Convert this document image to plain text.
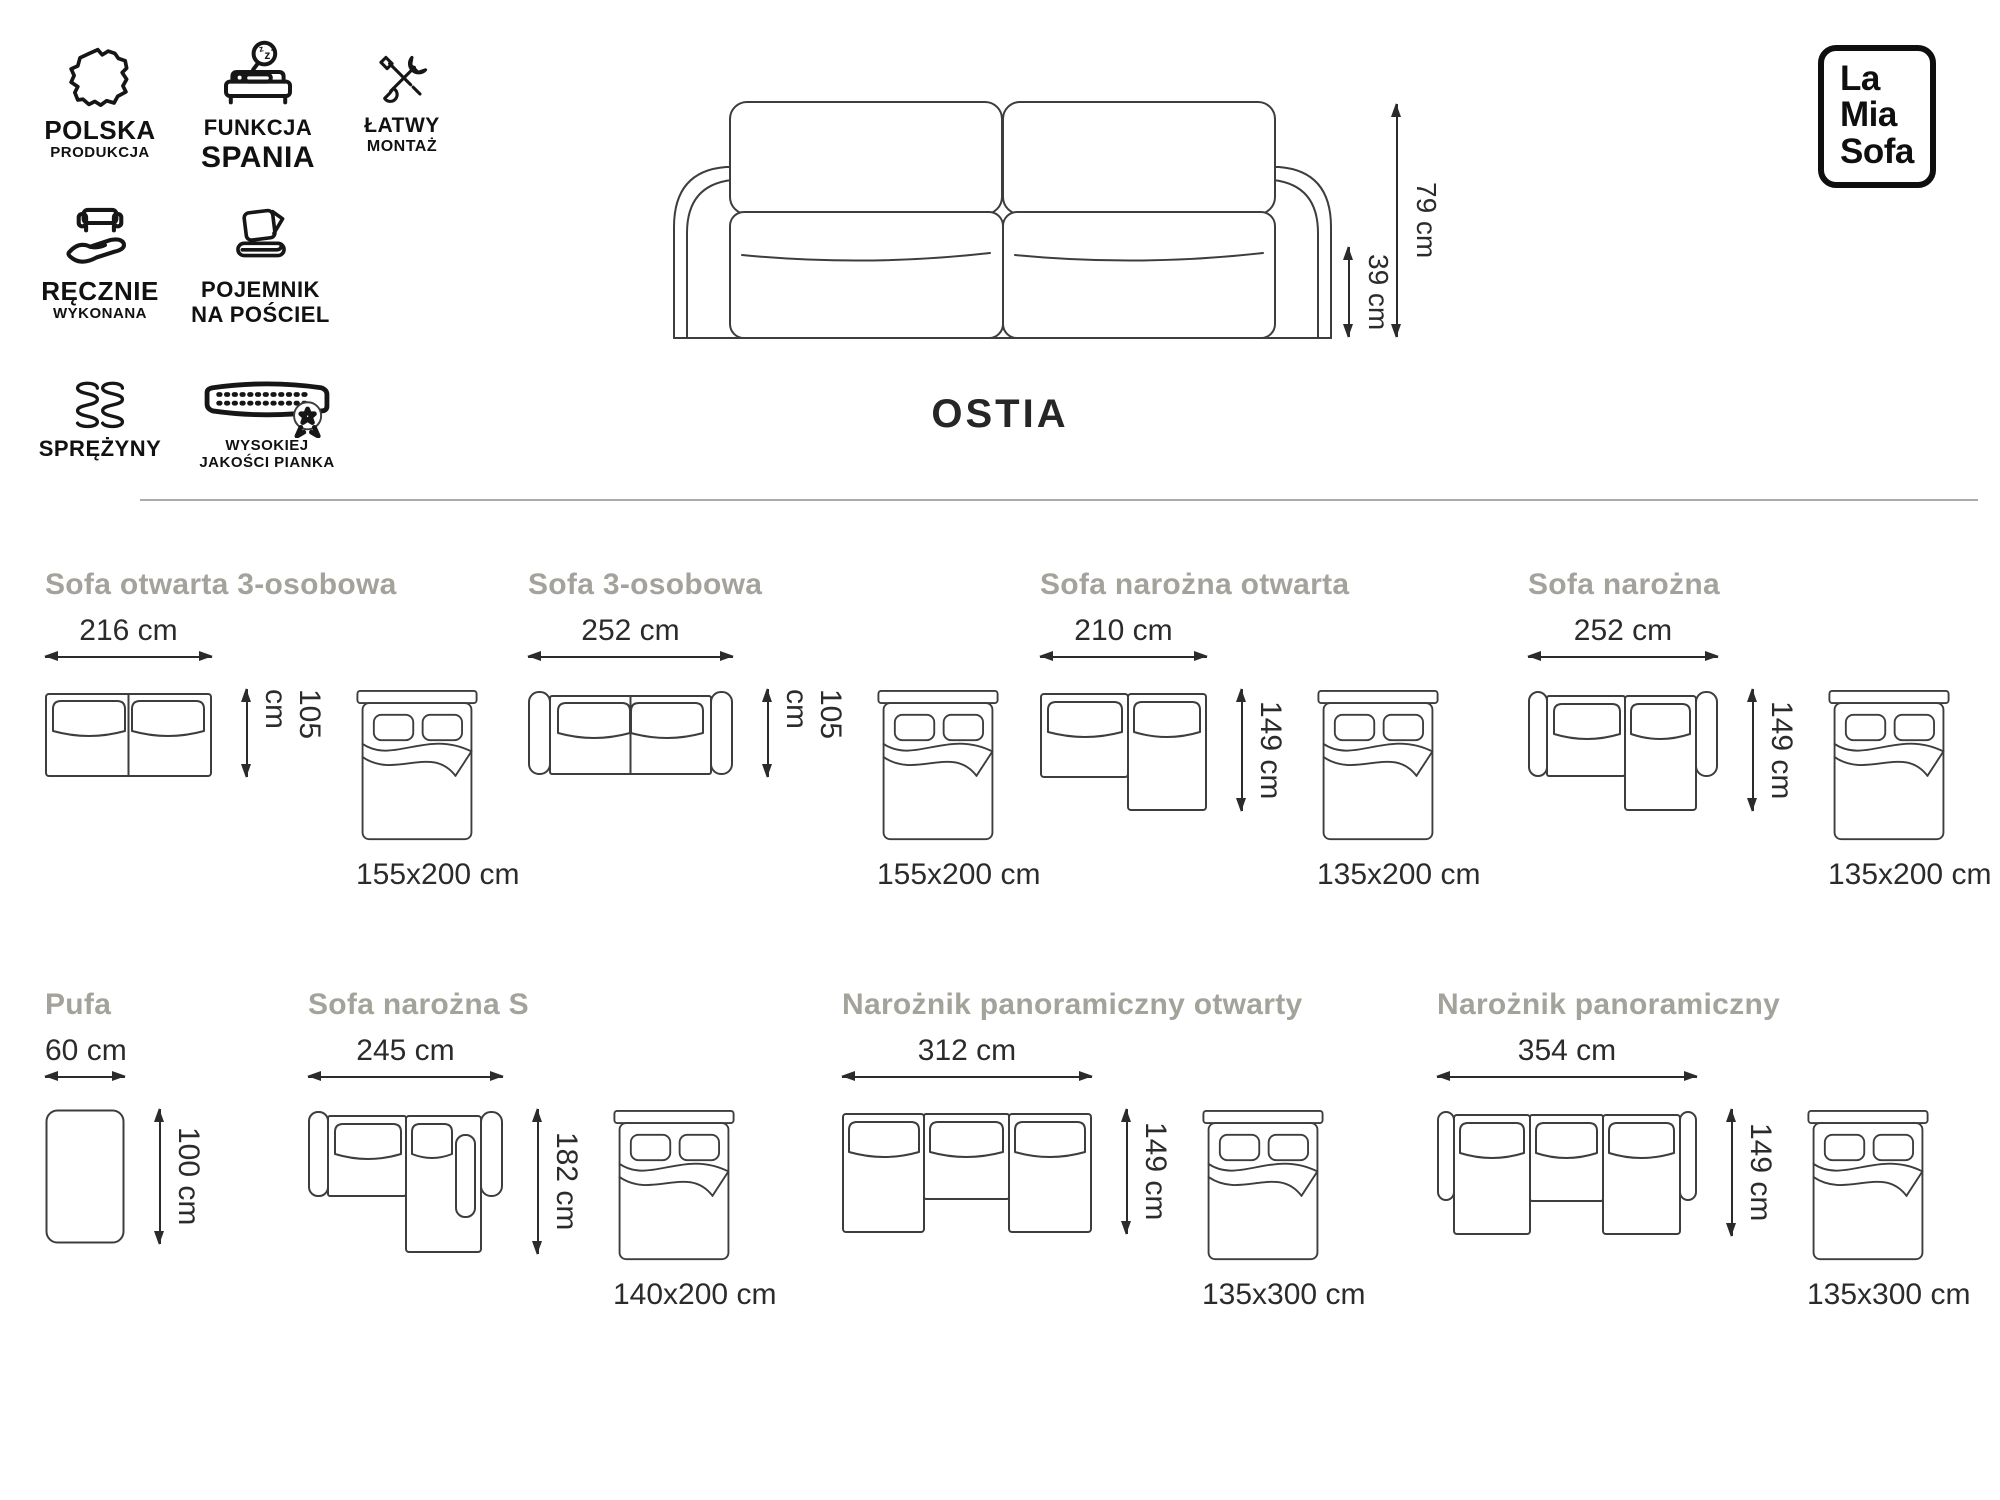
POLSKA
PRODUKCJA
z z z
FUNKCJA
SPANIA
ŁATWY
MONTAŻ
RĘCZNIE
WYKONANA
POJEMNIK
NA POŚCIEL
SPRĘŻYNY	WYSOKIEJ
JAKOŚCI PIANKA
39 cm
79 cm
OSTIA
La
Mia
Sofa
Sofa otwarta 3-osobowa
216 cm
105 cm
155x200 cm
Sofa 3-osobowa
252 cm
105 cm
155x200 cm
Sofa narożna otwarta
210 cm
149 cm
135x200 cm
Sofa narożna
252 cm
149 cm
135x200 cm
Pufa
60 cm
100 cm
Sofa narożna S
245 cm
182 cm
140x200 cm
Narożnik panoramiczny otwarty
312 cm
149 cm
135x300 cm
Narożnik panoramiczny
354 cm
149 cm
135x300 cm
